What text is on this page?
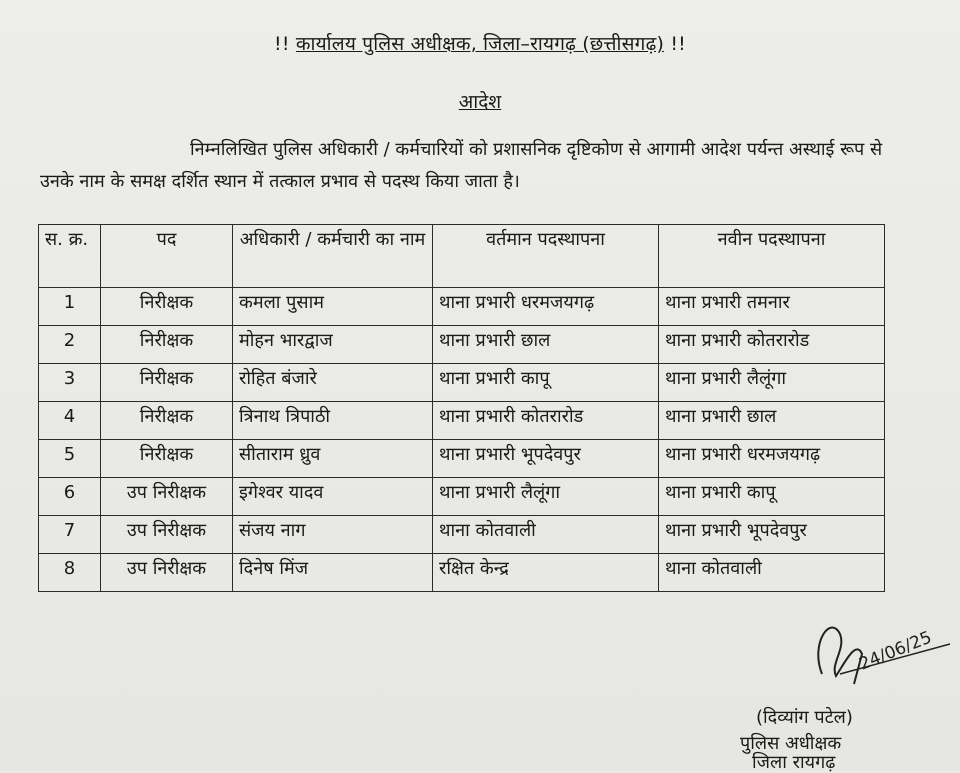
!! कार्यालय पुलिस अधीक्षक, जिला–रायगढ़ (छत्तीसगढ़) !!
आदेश
निम्नलिखित पुलिस अधिकारी / कर्मचारियों को प्रशासनिक दृष्टिकोण से आगामी आदेश पर्यन्त अस्थाई रूप से उनके नाम के समक्ष दर्शित स्थान में तत्काल प्रभाव से पदस्थ किया जाता है।
स. क्र.	पद	अधिकारी / कर्मचारी का नाम	वर्तमान पदस्थापना	नवीन पदस्थापना
1	निरीक्षक	कमला पुसाम	थाना प्रभारी धरमजयगढ़	थाना प्रभारी तमनार
2	निरीक्षक	मोहन भारद्वाज	थाना प्रभारी छाल	थाना प्रभारी कोतरारोड
3	निरीक्षक	रोहित बंजारे	थाना प्रभारी कापू	थाना प्रभारी लैलूंगा
4	निरीक्षक	त्रिनाथ त्रिपाठी	थाना प्रभारी कोतरारोड	थाना प्रभारी छाल
5	निरीक्षक	सीताराम ध्रुव	थाना प्रभारी भूपदेवपुर	थाना प्रभारी धरमजयगढ़
6	उप निरीक्षक	इगेश्वर यादव	थाना प्रभारी लैलूंगा	थाना प्रभारी कापू
7	उप निरीक्षक	संजय नाग	थाना कोतवाली	थाना प्रभारी भूपदेवपुर
8	उप निरीक्षक	दिनेष मिंज	रक्षित केन्द्र	थाना कोतवाली
24/06/25
(दिव्यांग पटेल)
पुलिस अधीक्षक
जिला रायगढ़
